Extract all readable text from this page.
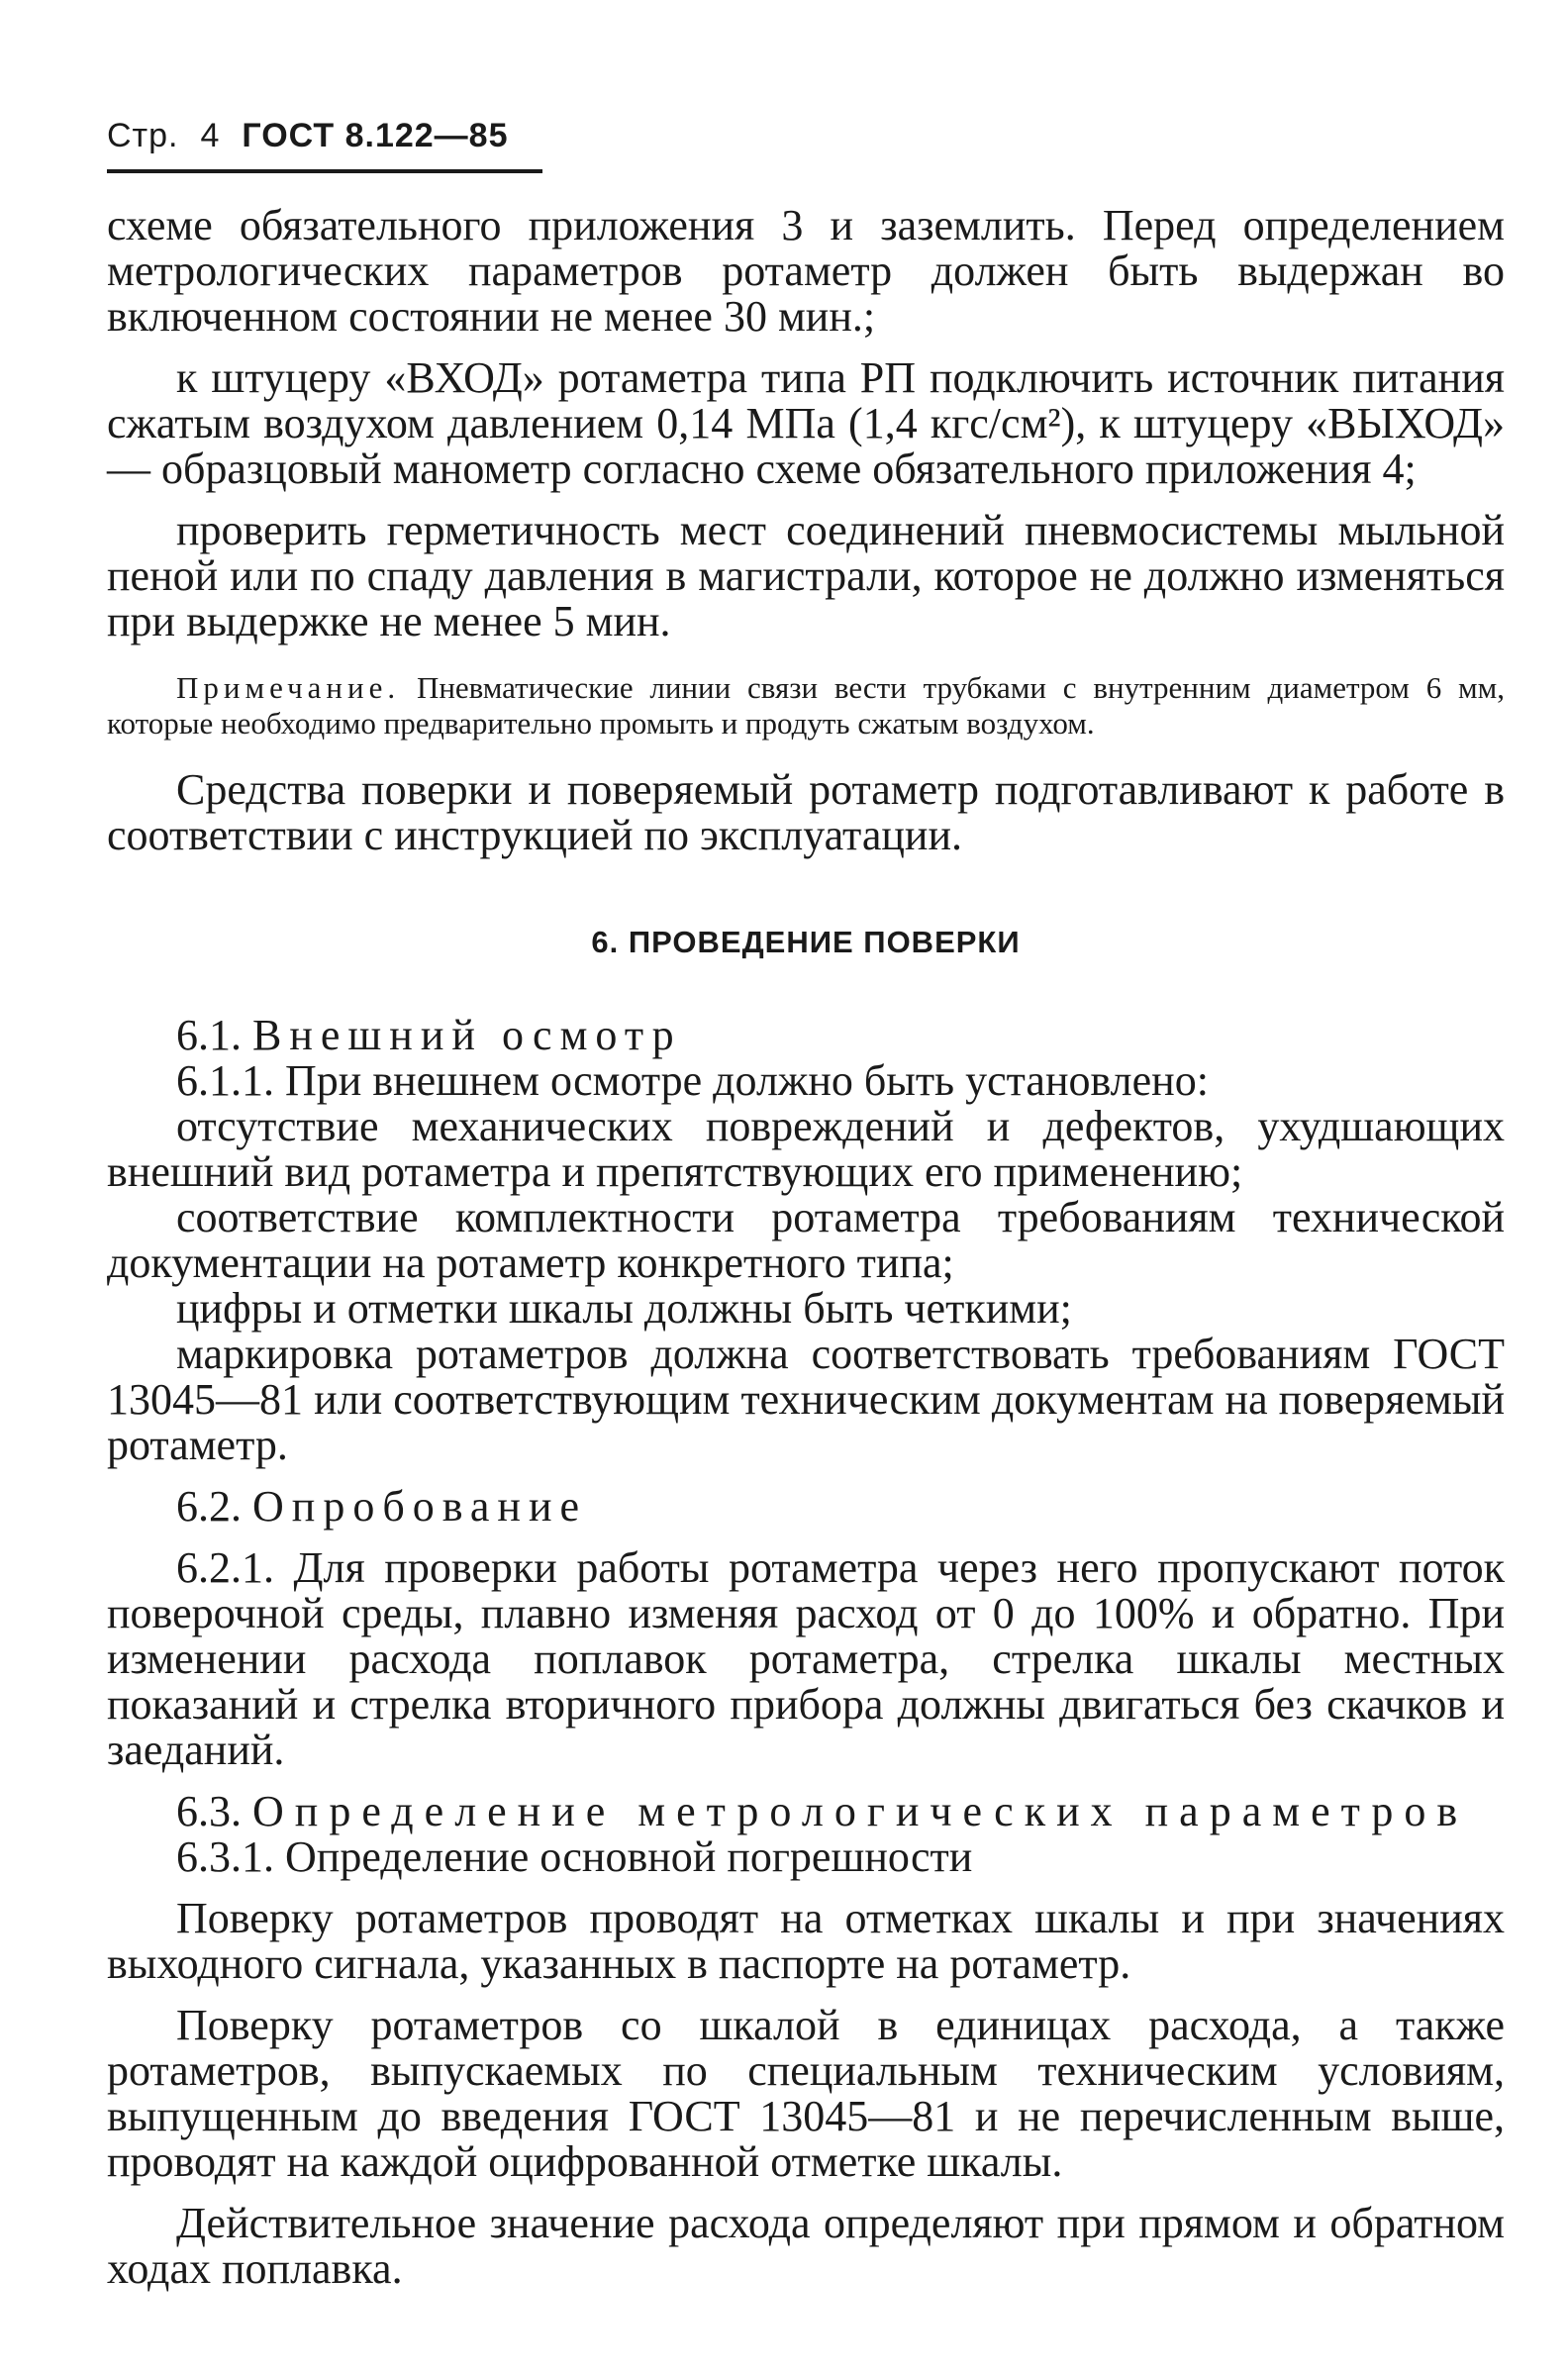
Стр. 4 ГОСТ 8.122—85

схеме обязательного приложения 3 и заземлить. Перед определением метрологических параметров ротаметр должен быть выдержан во включенном состоянии не менее 30 мин.;

к штуцеру «ВХОД» ротаметра типа РП подключить источник питания сжатым воздухом давлением 0,14 МПа (1,4 кгс/см²), к штуцеру «ВЫХОД» — образцовый манометр согласно схеме обязательного приложения 4;

проверить герметичность мест соединений пневмосистемы мыльной пеной или по спаду давления в магистрали, которое не должно изменяться при выдержке не менее 5 мин.

Примечание. Пневматические линии связи вести трубками с внутренним диаметром 6 мм, которые необходимо предварительно промыть и продуть сжатым воздухом.

Средства поверки и поверяемый ротаметр подготавливают к работе в соответствии с инструкцией по эксплуатации.

6. ПРОВЕДЕНИЕ ПОВЕРКИ

6.1. Внешний осмотр

6.1.1. При внешнем осмотре должно быть установлено:

отсутствие механических повреждений и дефектов, ухудшающих внешний вид ротаметра и препятствующих его применению;

соответствие комплектности ротаметра требованиям технической документации на ротаметр конкретного типа;

цифры и отметки шкалы должны быть четкими;

маркировка ротаметров должна соответствовать требованиям ГОСТ 13045—81 или соответствующим техническим документам на поверяемый ротаметр.

6.2. Опробование

6.2.1. Для проверки работы ротаметра через него пропускают поток поверочной среды, плавно изменяя расход от 0 до 100% и обратно. При изменении расхода поплавок ротаметра, стрелка шкалы местных показаний и стрелка вторичного прибора должны двигаться без скачков и заеданий.

6.3. Определение метрологических параметров

6.3.1. Определение основной погрешности

Поверку ротаметров проводят на отметках шкалы и при значениях выходного сигнала, указанных в паспорте на ротаметр.

Поверку ротаметров со шкалой в единицах расхода, а также ротаметров, выпускаемых по специальным техническим условиям, выпущенным до введения ГОСТ 13045—81 и не перечисленным выше, проводят на каждой оцифрованной отметке шкалы.

Действительное значение расхода определяют при прямом и обратном ходах поплавка.
